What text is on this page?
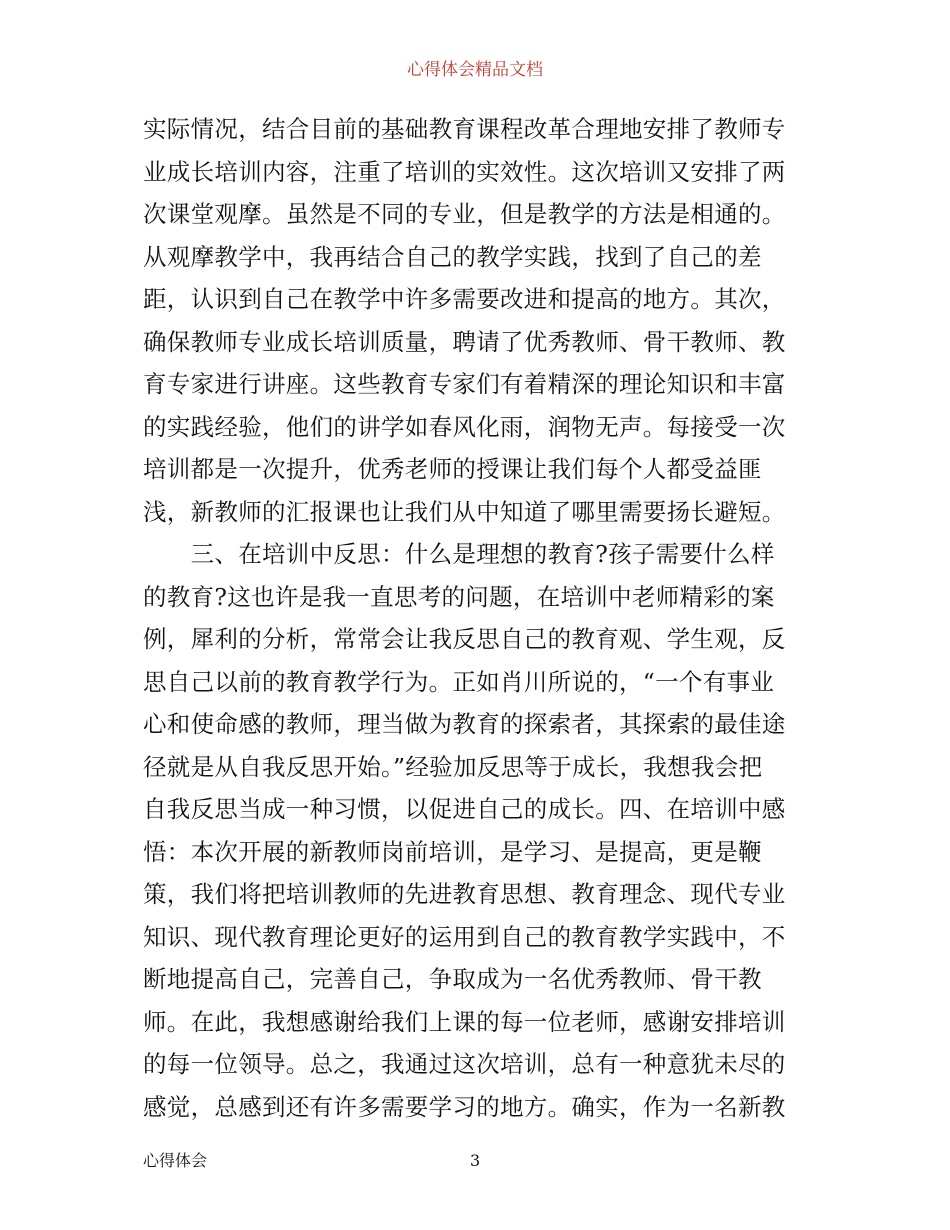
心得体会精品文档
实际情况，结合目前的基础教育课程改革合理地安排了教师专
业成长培训内容，注重了培训的实效性。这次培训又安排了两
次课堂观摩。虽然是不同的专业，但是教学的方法是相通的。
从观摩教学中，我再结合自己的教学实践，找到了自己的差
距，认识到自己在教学中许多需要改进和提高的地方。其次，
确保教师专业成长培训质量，聘请了优秀教师、骨干教师、教
育专家进行讲座。这些教育专家们有着精深的理论知识和丰富
的实践经验，他们的讲学如春风化雨，润物无声。每接受一次
培训都是一次提升，优秀老师的授课让我们每个人都受益匪
浅，新教师的汇报课也让我们从中知道了哪里需要扬长避短。
　　三、在培训中反思：什么是理想的教育?孩子需要什么样
的教育?这也许是我一直思考的问题，在培训中老师精彩的案
例，犀利的分析，常常会让我反思自己的教育观、学生观，反
思自己以前的教育教学行为。正如肖川所说的，“一个有事业
心和使命感的教师，理当做为教育的探索者，其探索的最佳途
径就是从自我反思开始。”经验加反思等于成长，我想我会把
自我反思当成一种习惯，以促进自己的成长。四、在培训中感
悟：本次开展的新教师岗前培训，是学习、是提高，更是鞭
策，我们将把培训教师的先进教育思想、教育理念、现代专业
知识、现代教育理论更好的运用到自己的教育教学实践中，不
断地提高自己，完善自己，争取成为一名优秀教师、骨干教
师。在此，我想感谢给我们上课的每一位老师，感谢安排培训
的每一位领导。总之，我通过这次培训，总有一种意犹未尽的
感觉，总感到还有许多需要学习的地方。确实，作为一名新教
心得体会	3
